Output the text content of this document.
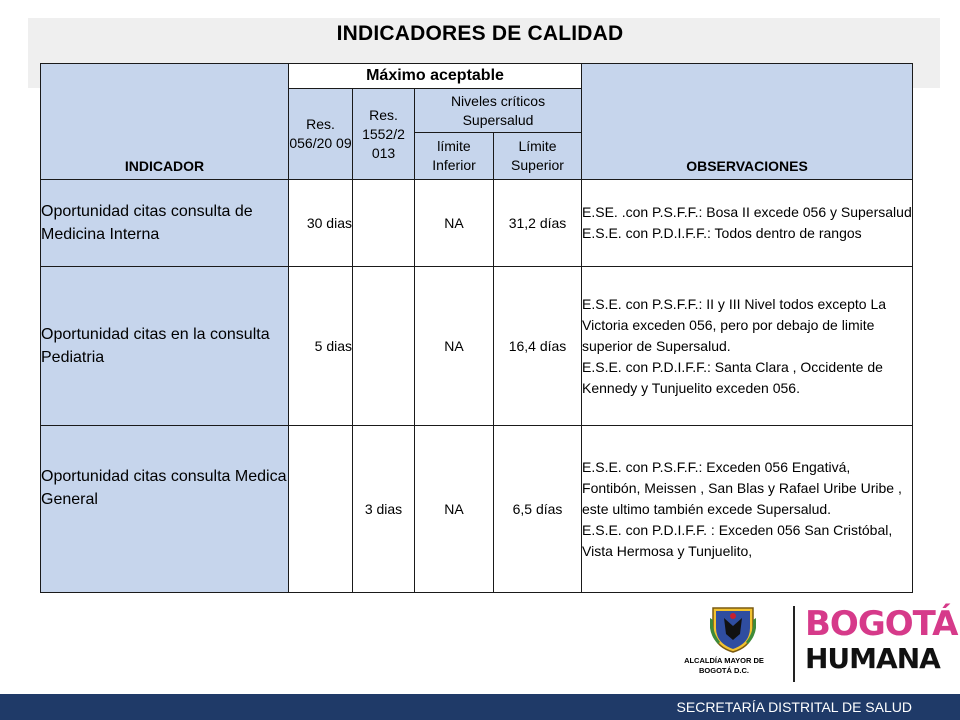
INDICADORES DE CALIDAD
INDICADOR	Máximo aceptable				OBSERVACIONES
	Res. 056/20 09	Res. 1552/2 013	Niveles críticos Supersalud		
			límite Inferior	Límite Superior	
Oportunidad citas consulta de Medicina Interna	30 dias		NA	31,2 días	E.SE. .con P.S.F.F.: Bosa II excede 056 y Supersalud
E.S.E. con P.D.I.F.F.: Todos dentro de rangos

Oportunidad citas en la consulta Pediatria	5 dias		NA	16,4 días	E.S.E. con P.S.F.F.: II y III Nivel todos excepto La Victoria exceden 056, pero por debajo de limite superior de Supersalud.
E.S.E. con P.D.I.F.F.: Santa Clara , Occidente de Kennedy y Tunjuelito exceden 056.

Oportunidad citas consulta Medica General		3 dias	NA	6,5 días	E.S.E. con P.S.F.F.: Exceden 056 Engativá, Fontibón, Meissen , San Blas y Rafael Uribe Uribe , este ultimo también excede Supersalud.
E.S.E. con P.D.I.F.F. : Exceden 056 San Cristóbal, Vista Hermosa y Tunjuelito,
ALCALDÍA MAYOR DE BOGOTÁ D.C.
BOGOTÁ
HUMANA
SECRETARÍA DISTRITAL DE SALUD
